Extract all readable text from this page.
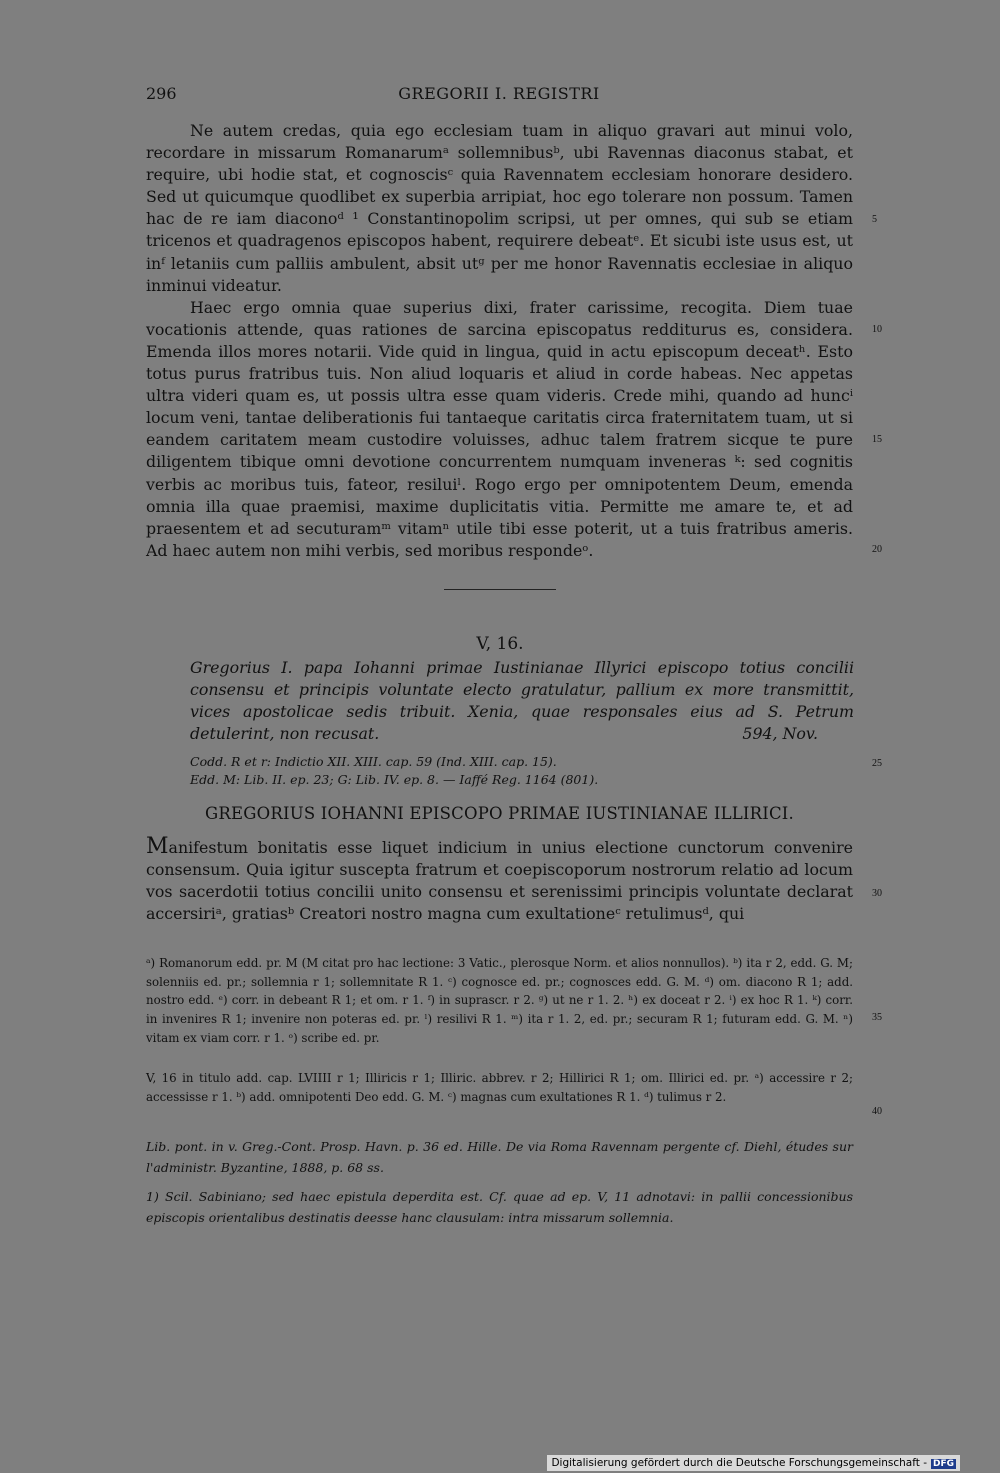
296	GREGORII I. REGISTRI

Ne autem credas, quia ego ecclesiam tuam in aliquo gravari aut minui volo, recordare in missarum Romanarumᵃ sollemnibusᵇ, ubi Ravennas diaconus stabat, et require, ubi hodie stat, et cognoscisᶜ quia Ravennatem ecclesiam honorare desidero. Sed ut quicumque quodlibet ex superbia arripiat, hoc ego tolerare non possum. Tamen hac de re iam diaconoᵈ ¹ Constantinopolim scripsi, ut per omnes, qui sub se etiam tricenos et quadragenos episcopos habent, requirere debeatᵉ. Et sicubi iste usus est, ut inᶠ letaniis cum palliis ambulent, absit utᵍ per me honor Ravennatis ecclesiae in aliquo inminui videatur.

Haec ergo omnia quae superius dixi, frater carissime, recogita. Diem tuae vocationis attende, quas rationes de sarcina episcopatus redditurus es, considera. Emenda illos mores notarii. Vide quid in lingua, quid in actu episcopum deceatʰ. Esto totus purus fratribus tuis. Non aliud loquaris et aliud in corde habeas. Nec appetas ultra videri quam es, ut possis ultra esse quam videris. Crede mihi, quando ad huncⁱ locum veni, tantae deliberationis fui tantaeque caritatis circa fraternitatem tuam, ut si eandem caritatem meam custodire voluisses, adhuc talem fratrem sicque te pure diligentem tibique omni devotione concurrentem numquam inveneras ᵏ: sed cognitis verbis ac moribus tuis, fateor, resiluiˡ. Rogo ergo per omnipotentem Deum, emenda omnia illa quae praemisi, maxime duplicitatis vitia. Permitte me amare te, et ad praesentem et ad secuturamᵐ vitamⁿ utile tibi esse poterit, ut a tuis fratribus ameris. Ad haec autem non mihi verbis, sed moribus respondeᵒ.

5
10
15
20
25
30
35
40
V, 16.
Gregorius I. papa Iohanni primae Iustinianae Illyrici episcopo totius concilii consensu et principis voluntate electo gratulatur, pallium ex more transmittit, vices apostolicae sedis tribuit. Xenia, quae responsales eius ad S. Petrum detulerint, non recusat.	594, Nov.
Codd. R et r: Indictio XII. XIII. cap. 59 (Ind. XIII. cap. 15).
Edd. M: Lib. II. ep. 23; G: Lib. IV. ep. 8. — Iaffé Reg. 1164 (801).
GREGORIUS IOHANNI EPISCOPO PRIMAE IUSTINIANAE ILLIRICI.

Manifestum bonitatis esse liquet indicium in unius electione cunctorum convenire consensum. Quia igitur suscepta fratrum et coepiscoporum nostrorum relatio ad locum vos sacerdotii totius concilii unito consensu et serenissimi principis voluntate declarat accersiriᵃ, gratiasᵇ Creatori nostro magna cum exultationeᶜ retulimusᵈ, qui

ᵃ) Romanorum edd. pr. M (M citat pro hac lectione: 3 Vatic., plerosque Norm. et alios nonnullos). ᵇ) ita r 2, edd. G. M; solenniis ed. pr.; sollemnia r 1; sollemnitate R 1. ᶜ) cognosce ed. pr.; cognosces edd. G. M. ᵈ) om. diacono R 1; add. nostro edd. ᵉ) corr. in debeant R 1; et om. r 1. ᶠ) in suprascr. r 2. ᵍ) ut ne r 1. 2. ʰ) ex doceat r 2. ⁱ) ex hoc R 1. ᵏ) corr. in invenires R 1; invenire non poteras ed. pr. ˡ) resilivi R 1. ᵐ) ita r 1. 2, ed. pr.; securam R 1; futuram edd. G. M. ⁿ) vitam ex viam corr. r 1. ᵒ) scribe ed. pr.
V, 16 in titulo add. cap. LVIIII r 1; Illiricis r 1; Illiric. abbrev. r 2; Hillirici R 1; om. Illirici ed. pr. ᵃ) accessire r 2; accessisse r 1. ᵇ) add. omnipotenti Deo edd. G. M. ᶜ) magnas cum exultationes R 1. ᵈ) tulimus r 2.
Lib. pont. in v. Greg.-Cont. Prosp. Havn. p. 36 ed. Hille. De via Roma Ravennam pergente cf. Diehl, études sur l'administr. Byzantine, 1888, p. 68 ss.
1) Scil. Sabiniano; sed haec epistula deperdita est. Cf. quae ad ep. V, 11 adnotavi: in pallii concessionibus episcopis orientalibus destinatis deesse hanc clausulam: intra missarum sollemnia.
Digitalisierung gefördert durch die Deutsche Forschungsgemeinschaft - DFG
